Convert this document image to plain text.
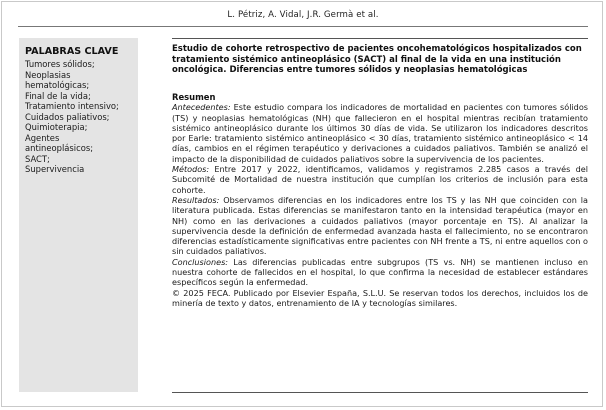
L. Pétriz, A. Vidal, J.R. Germà et al.
PALABRAS CLAVE
Tumores sólidos;
Neoplasias hematológicas;
Final de la vida;
Tratamiento intensivo;
Cuidados paliativos;
Quimioterapia;
Agentes antineoplásicos;
SACT;
Supervivencia
Estudio de cohorte retrospectivo de pacientes oncohematológicos hospitalizados con tratamiento sistémico antineoplásico (SACT) al final de la vida en una institución oncológica. Diferencias entre tumores sólidos y neoplasias hematológicas
Resumen

Antecedentes: Este estudio compara los indicadores de mortalidad en pacientes con tumores sólidos (TS) y neoplasias hematológicas (NH) que fallecieron en el hospital mientras recibían tratamiento sistémico antineoplásico durante los últimos 30 días de vida. Se utilizaron los indicadores descritos por Earle: tratamiento sistémico antineoplásico < 30 días, tratamiento sistémico antineoplásico < 14 días, cambios en el régimen terapéutico y derivaciones a cuidados paliativos. También se analizó el impacto de la disponibilidad de cuidados paliativos sobre la supervivencia de los pacientes.

Métodos: Entre 2017 y 2022, identificamos, validamos y registramos 2.285 casos a través del Subcomité de Mortalidad de nuestra institución que cumplían los criterios de inclusión para esta cohorte.

Resultados: Observamos diferencias en los indicadores entre los TS y las NH que coinciden con la literatura publicada. Estas diferencias se manifestaron tanto en la intensidad terapéutica (mayor en NH) como en las derivaciones a cuidados paliativos (mayor porcentaje en TS). Al analizar la supervivencia desde la definición de enfermedad avanzada hasta el fallecimiento, no se encontraron diferencias estadísticamente significativas entre pacientes con NH frente a TS, ni entre aquellos con o sin cuidados paliativos.

Conclusiones: Las diferencias publicadas entre subgrupos (TS vs. NH) se mantienen incluso en nuestra cohorte de fallecidos en el hospital, lo que confirma la necesidad de establecer estándares específicos según la enfermedad.

© 2025 FECA. Publicado por Elsevier España, S.L.U. Se reservan todos los derechos, incluidos los de minería de texto y datos, entrenamiento de IA y tecnologías similares.
